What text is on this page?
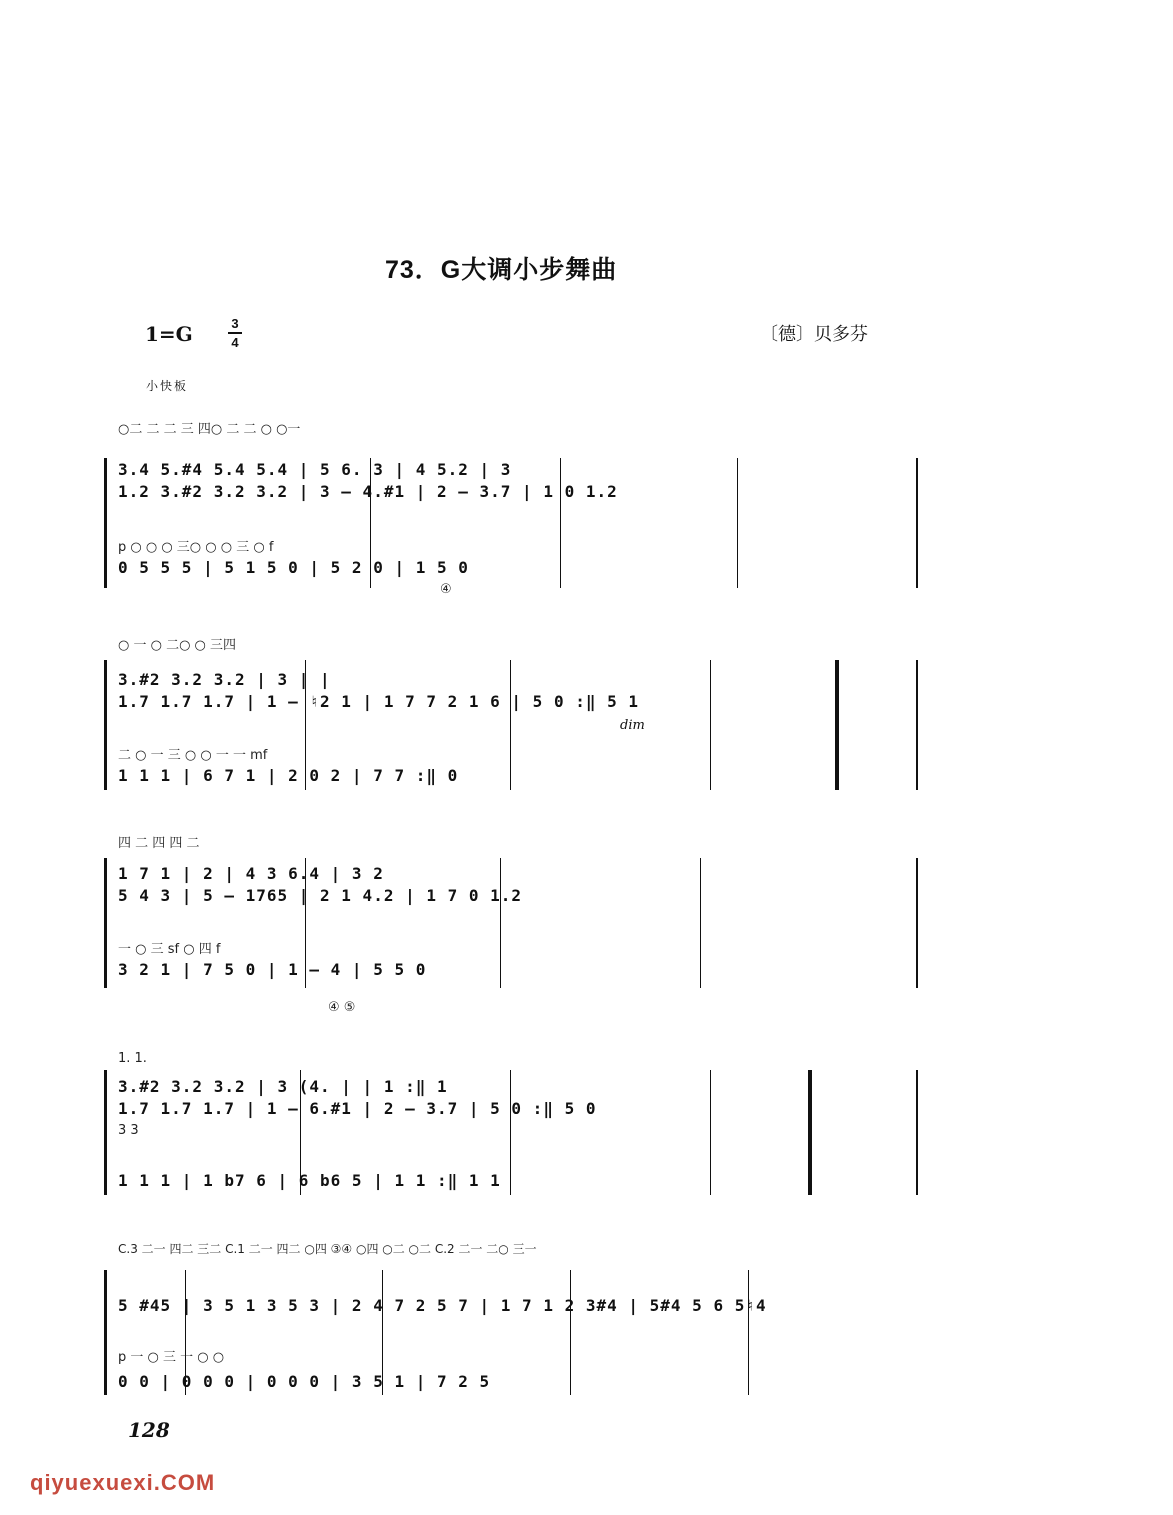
73．G大调小步舞曲
1=G	3
4	〔德〕贝多芬
小快板
○二 二 二 三 四○ 二 二 ○ ○一
3.4 5.#4 5.4 5.4 | 5 6. 3 | 4 5.2 | 3
1.2 3.#2 3.2 3.2 | 3 — 4.#1 | 2 — 3.7 | 1 0 1.2
p ○ ○ ○ 三○ ○ ○ 三 ○ f
0 5 5 5 | 5 1 5 0 | 5 2 0 | 1 5 0
④
○ 一 ○ 二○ ○ 三四
3.#2 3.2 3.2 | 3 | |
1.7 1.7 1.7 | 1 — ♮2 1 | 1 7 7 2 1 6 | 5 0 :‖ 5 1
二 ○ 一 三 ○ ○ 一 一 mf
1 1 1 | 6 7 1 | 2 0 2 | 7 7 :‖ 0
dim
四 二 四 四 二
1 7 1 | 2 | 4 3 6.4 | 3 2
5 4 3 | 5 — 1765 | 2 1 4.2 | 1 7 0 1.2
一 ○ 三 sf ○ 四 f
3 2 1 | 7 5 0 | 1 — 4 | 5 5 0
④ ⑤
1. 1.
3.#2 3.2 3.2 | 3 (4. | | 1 :‖ 1
1.7 1.7 1.7 | 1 — 6.#1 | 2 — 3.7 | 5 0 :‖ 5 0
3 3
1 1 1 | 1 b7 6 | 6 b6 5 | 1 1 :‖ 1 1
C.3 二一 四二 三二 C.1 二一 四二 ○四 ③④ ○四 ○二 ○二 C.2 二一 二○ 三一
5 #45 | 3 5 1 3 5 3 | 2 4 7 2 5 7 | 1 7 1 2 3#4 | 5#4 5 6 5♮4
p 一 ○ 三 一 ○ ○
0 0 | 0 0 0 | 0 0 0 | 3 5 1 | 7 2 5
128
qiyuexuexi.COM
